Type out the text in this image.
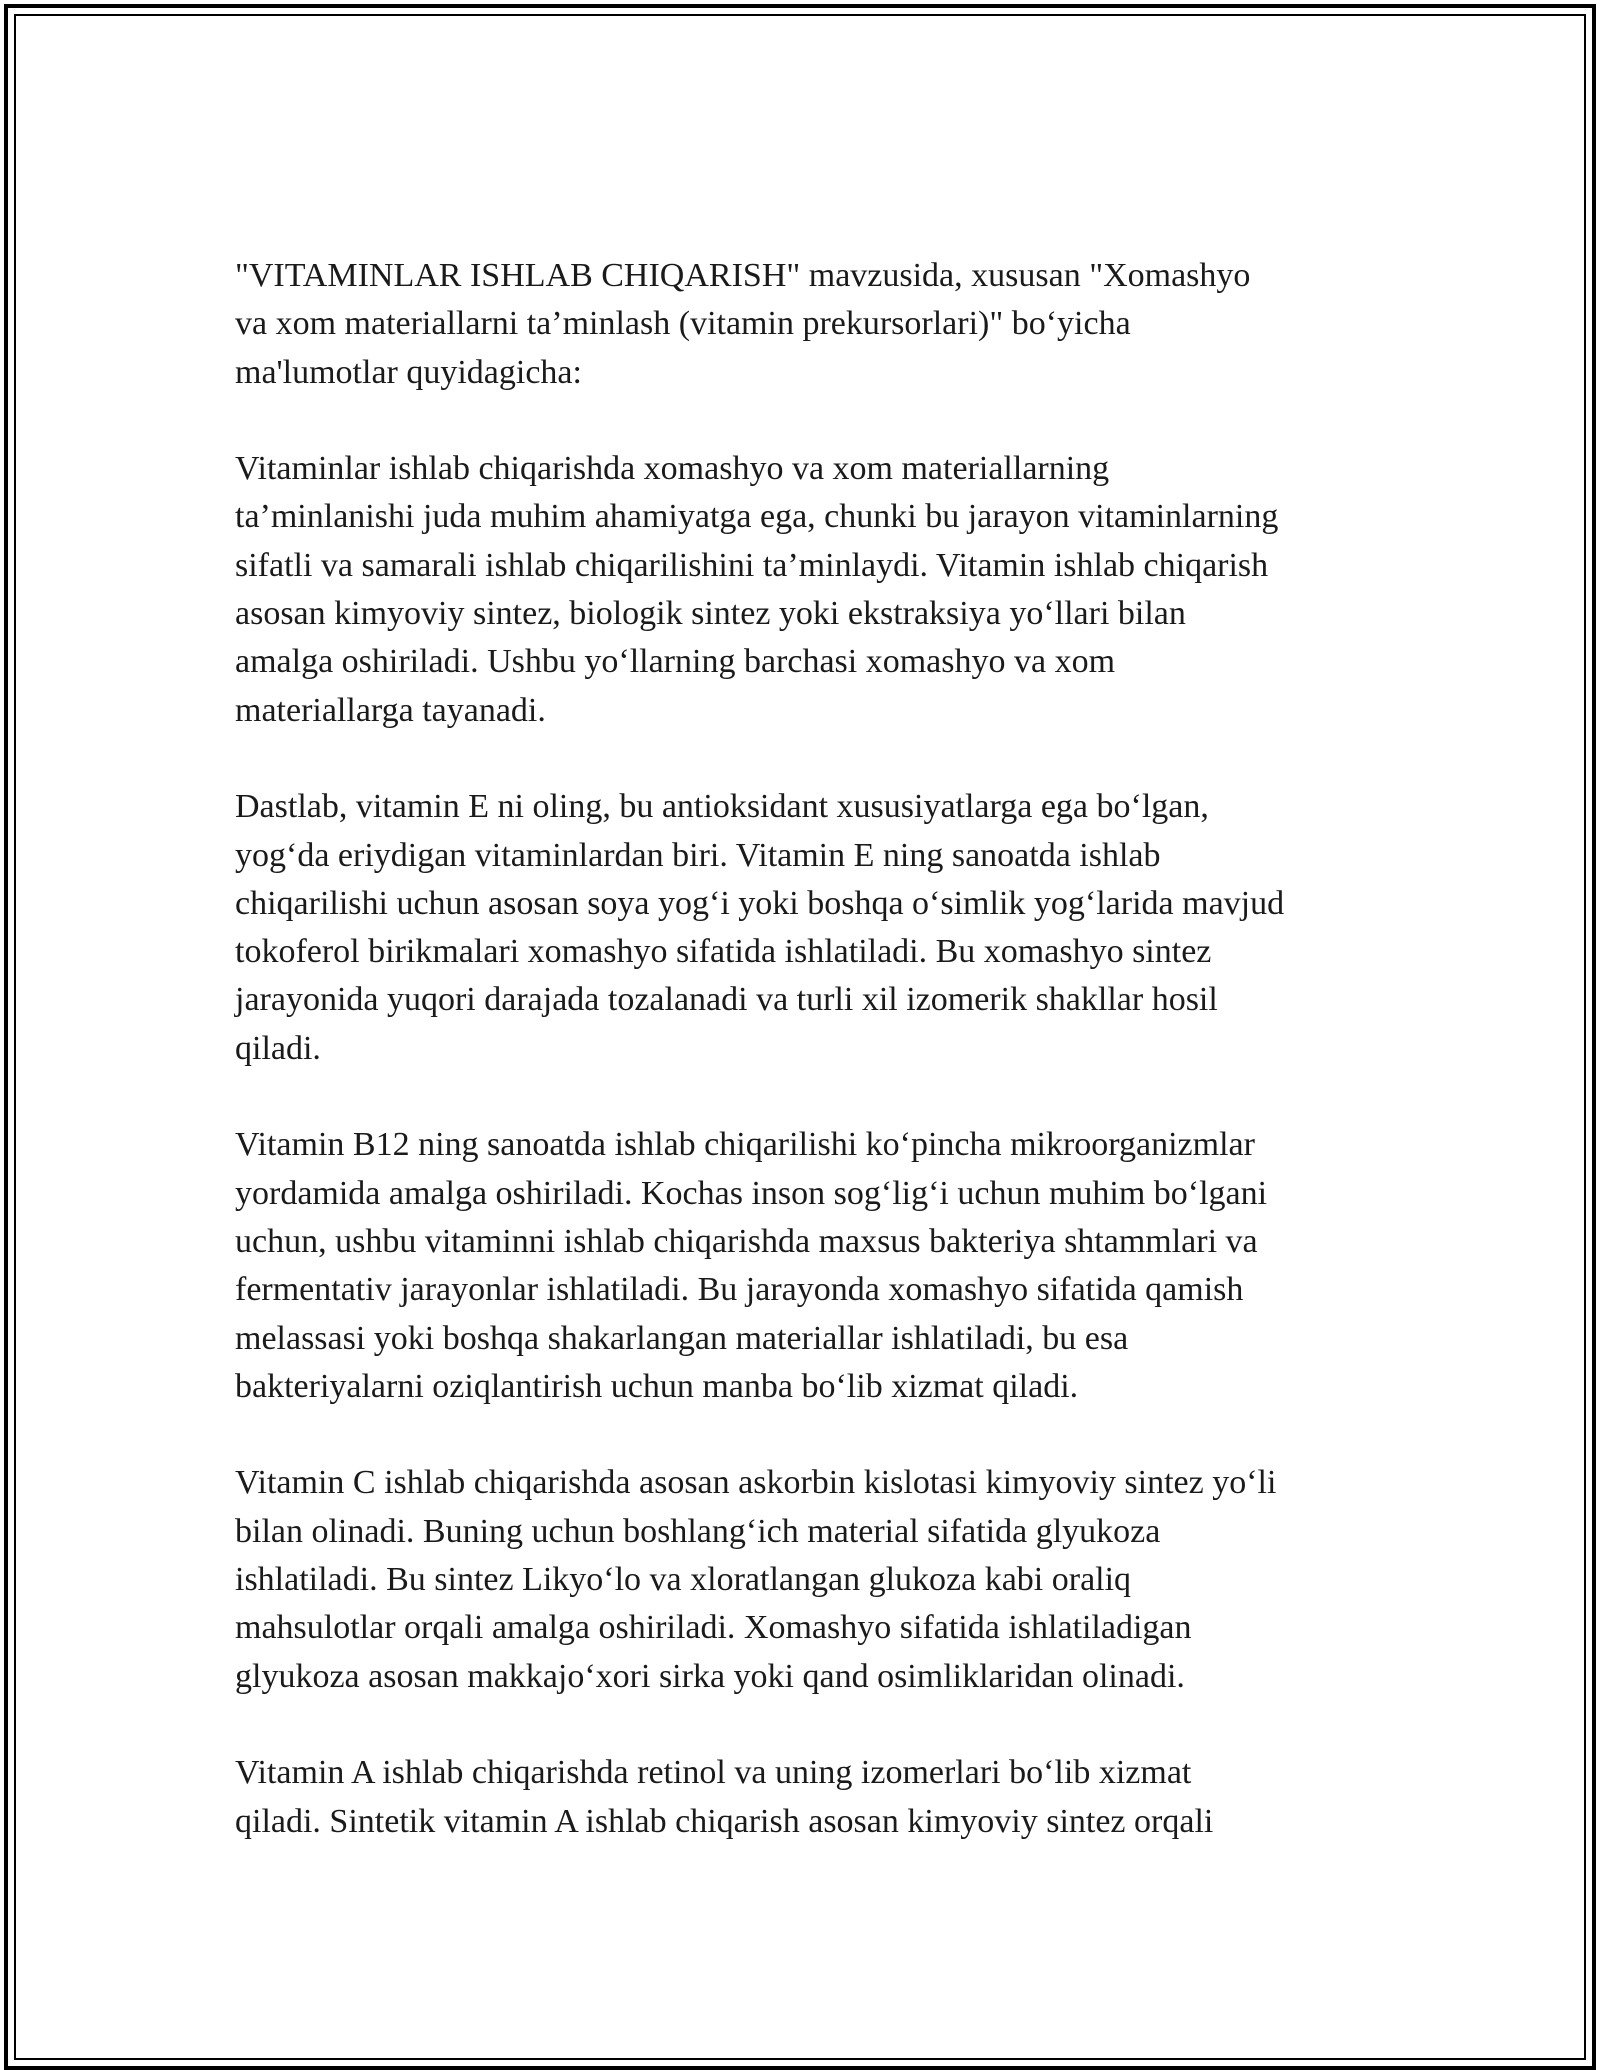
"VITAMINLAR ISHLAB CHIQARISH" mavzusida, xususan "Xomashyo
va xom materiallarni ta’minlash (vitamin prekursorlari)" bo‘yicha
ma'lumotlar quyidagicha:

Vitaminlar ishlab chiqarishda xomashyo va xom materiallarning
ta’minlanishi juda muhim ahamiyatga ega, chunki bu jarayon vitaminlarning
sifatli va samarali ishlab chiqarilishini ta’minlaydi. Vitamin ishlab chiqarish
asosan kimyoviy sintez, biologik sintez yoki ekstraksiya yo‘llari bilan
amalga oshiriladi. Ushbu yo‘llarning barchasi xomashyo va xom
materiallarga tayanadi.

Dastlab, vitamin E ni oling, bu antioksidant xususiyatlarga ega bo‘lgan,
yog‘da eriydigan vitaminlardan biri. Vitamin E ning sanoatda ishlab
chiqarilishi uchun asosan soya yog‘i yoki boshqa o‘simlik yog‘larida mavjud
tokoferol birikmalari xomashyo sifatida ishlatiladi. Bu xomashyo sintez
jarayonida yuqori darajada tozalanadi va turli xil izomerik shakllar hosil
qiladi.

Vitamin B12 ning sanoatda ishlab chiqarilishi ko‘pincha mikroorganizmlar
yordamida amalga oshiriladi. Kochas inson sog‘lig‘i uchun muhim bo‘lgani
uchun, ushbu vitaminni ishlab chiqarishda maxsus bakteriya shtammlari va
fermentativ jarayonlar ishlatiladi. Bu jarayonda xomashyo sifatida qamish
melassasi yoki boshqa shakarlangan materiallar ishlatiladi, bu esa
bakteriyalarni oziqlantirish uchun manba bo‘lib xizmat qiladi.

Vitamin C ishlab chiqarishda asosan askorbin kislotasi kimyoviy sintez yo‘li
bilan olinadi. Buning uchun boshlang‘ich material sifatida glyukoza
ishlatiladi. Bu sintez Likyo‘lo va xloratlangan glukoza kabi oraliq
mahsulotlar orqali amalga oshiriladi. Xomashyo sifatida ishlatiladigan
glyukoza asosan makkajo‘xori sirka yoki qand osimliklaridan olinadi.

Vitamin A ishlab chiqarishda retinol va uning izomerlari bo‘lib xizmat
qiladi. Sintetik vitamin A ishlab chiqarish asosan kimyoviy sintez orqali
